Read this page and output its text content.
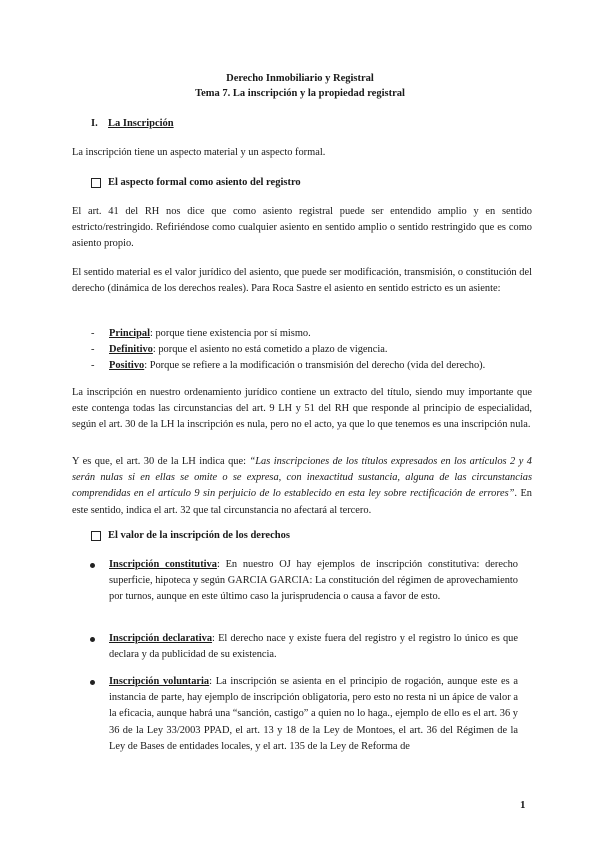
Derecho Inmobiliario y Registral
Tema 7. La inscripción y la propiedad registral
I. La Inscripción
La inscripción tiene un aspecto material y un aspecto formal.
El aspecto formal como asiento del registro
El art. 41 del RH nos dice que como asiento registral puede ser entendido amplio y en sentido estricto/restringido. Refiriéndose como cualquier asiento en sentido amplio o sentido restringido que es como asiento propio.
El sentido material es el valor jurídico del asiento, que puede ser modificación, transmisión, o constitución del derecho (dinámica de los derechos reales). Para Roca Sastre el asiento en sentido estricto es un asiente:
- Principal: porque tiene existencia por sí mismo.
- Definitivo: porque el asiento no está cometido a plazo de vigencia.
- Positivo: Porque se refiere a la modificación o transmisión del derecho (vida del derecho).
La inscripción en nuestro ordenamiento jurídico contiene un extracto del título, siendo muy importante que este contenga todas las circunstancias del art. 9 LH y 51 del RH que responde al principio de especialidad, según el art. 30 de la LH la inscripción es nula, pero no el acto, ya que lo que tenemos es una inscripción nula.
Y es que, el art. 30 de la LH indica que: “Las inscripciones de los títulos expresados en los artículos 2 y 4 serán nulas si en ellas se omite o se expresa, con inexactitud sustancia, alguna de las circunstancias comprendidas en el artículo 9 sin perjuicio de lo establecido en esta ley sobre rectificación de errores”. En este sentido, indica el art. 32 que tal circunstancia no afectará al tercero.
El valor de la inscripción de los derechos
Inscripción constitutiva: En nuestro OJ hay ejemplos de inscripción constitutiva: derecho superficie, hipoteca y según GARCIA GARCIA: La constitución del régimen de aprovechamiento por turnos, aunque en este último caso la jurisprudencia o causa a favor de esto.
Inscripción declarativa: El derecho nace y existe fuera del registro y el registro lo único es que declara y da publicidad de su existencia.
Inscripción voluntaria: La inscripción se asienta en el principio de rogación, aunque este es a instancia de parte, hay ejemplo de inscripción obligatoria, pero esto no resta ni un ápice de valor a la eficacia, aunque habrá una “sanción, castigo” a quien no lo haga., ejemplo de ello es el art. 36 y 36 de la Ley 33/2003 PPAD, el art. 13 y 18 de la Ley de Montoes, el art. 36 del Régimen de la Ley de Bases de entidades locales, y el art. 135 de la Ley de Reforma de
1
